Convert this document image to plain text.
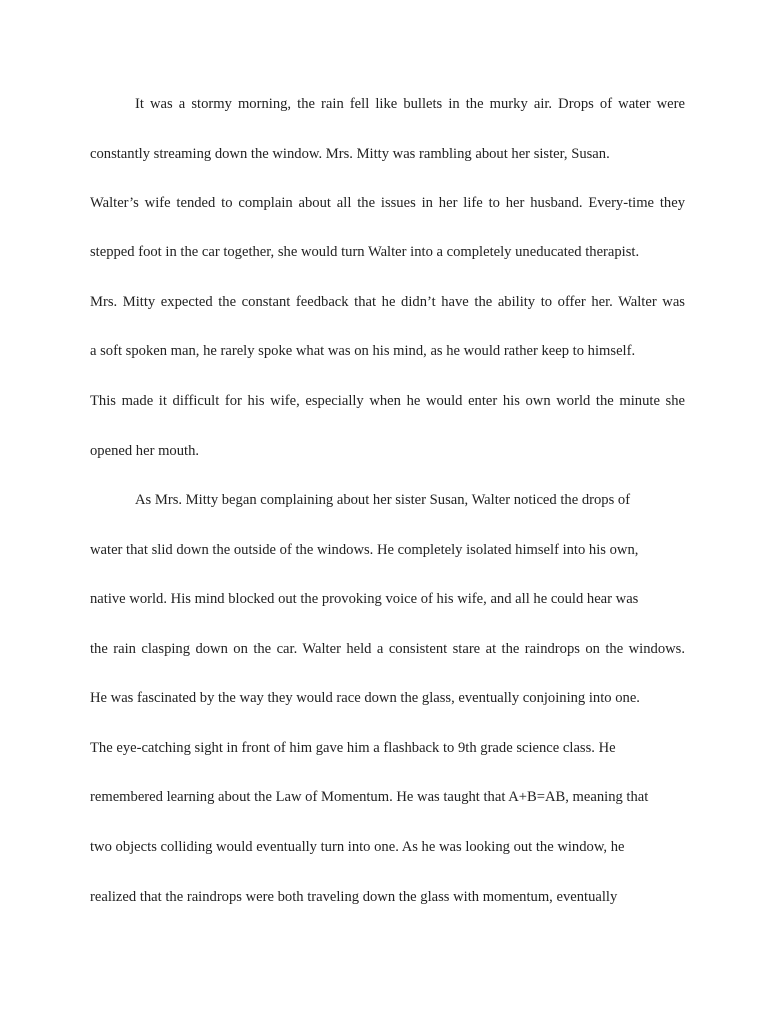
It was a stormy morning, the rain fell like bullets in the murky air. Drops of water were
constantly streaming down the window. Mrs. Mitty was rambling about her sister, Susan.
Walter’s wife tended to complain about all the issues in her life to her husband. Every-time they
stepped foot in the car together, she would turn Walter into a completely uneducated therapist.
Mrs. Mitty expected the constant feedback that he didn’t have the ability to offer her. Walter was
a soft spoken man, he rarely spoke what was on his mind, as he would rather keep to himself.
This made it difficult for his wife, especially when he would enter his own world the minute she
opened her mouth.
As Mrs. Mitty began complaining about her sister Susan, Walter noticed the drops of
water that slid down the outside of the windows. He completely isolated himself into his own,
native world. His mind blocked out the provoking voice of his wife, and all he could hear was
the rain clasping down on the car. Walter held a consistent stare at the raindrops on the windows.
He was fascinated by the way they would race down the glass, eventually conjoining into one.
The eye-catching sight in front of him gave him a flashback to 9th grade science class. He
remembered learning about the Law of Momentum. He was taught that A+B=AB, meaning that
two objects colliding would eventually turn into one. As he was looking out the window, he
realized that the raindrops were both traveling down the glass with momentum, eventually
